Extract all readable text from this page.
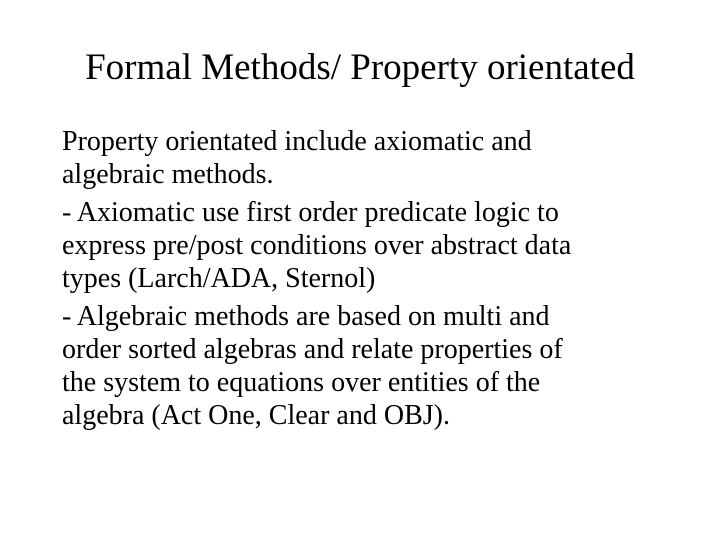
Formal Methods/ Property orientated

Property orientated include axiomatic and
algebraic methods.

- Axiomatic use first order predicate logic to
express pre/post conditions over abstract data
types (Larch/ADA, Sternol)

- Algebraic methods are based on multi and
order sorted algebras and relate properties of
the system to equations over entities of the
algebra (Act One, Clear and OBJ).
